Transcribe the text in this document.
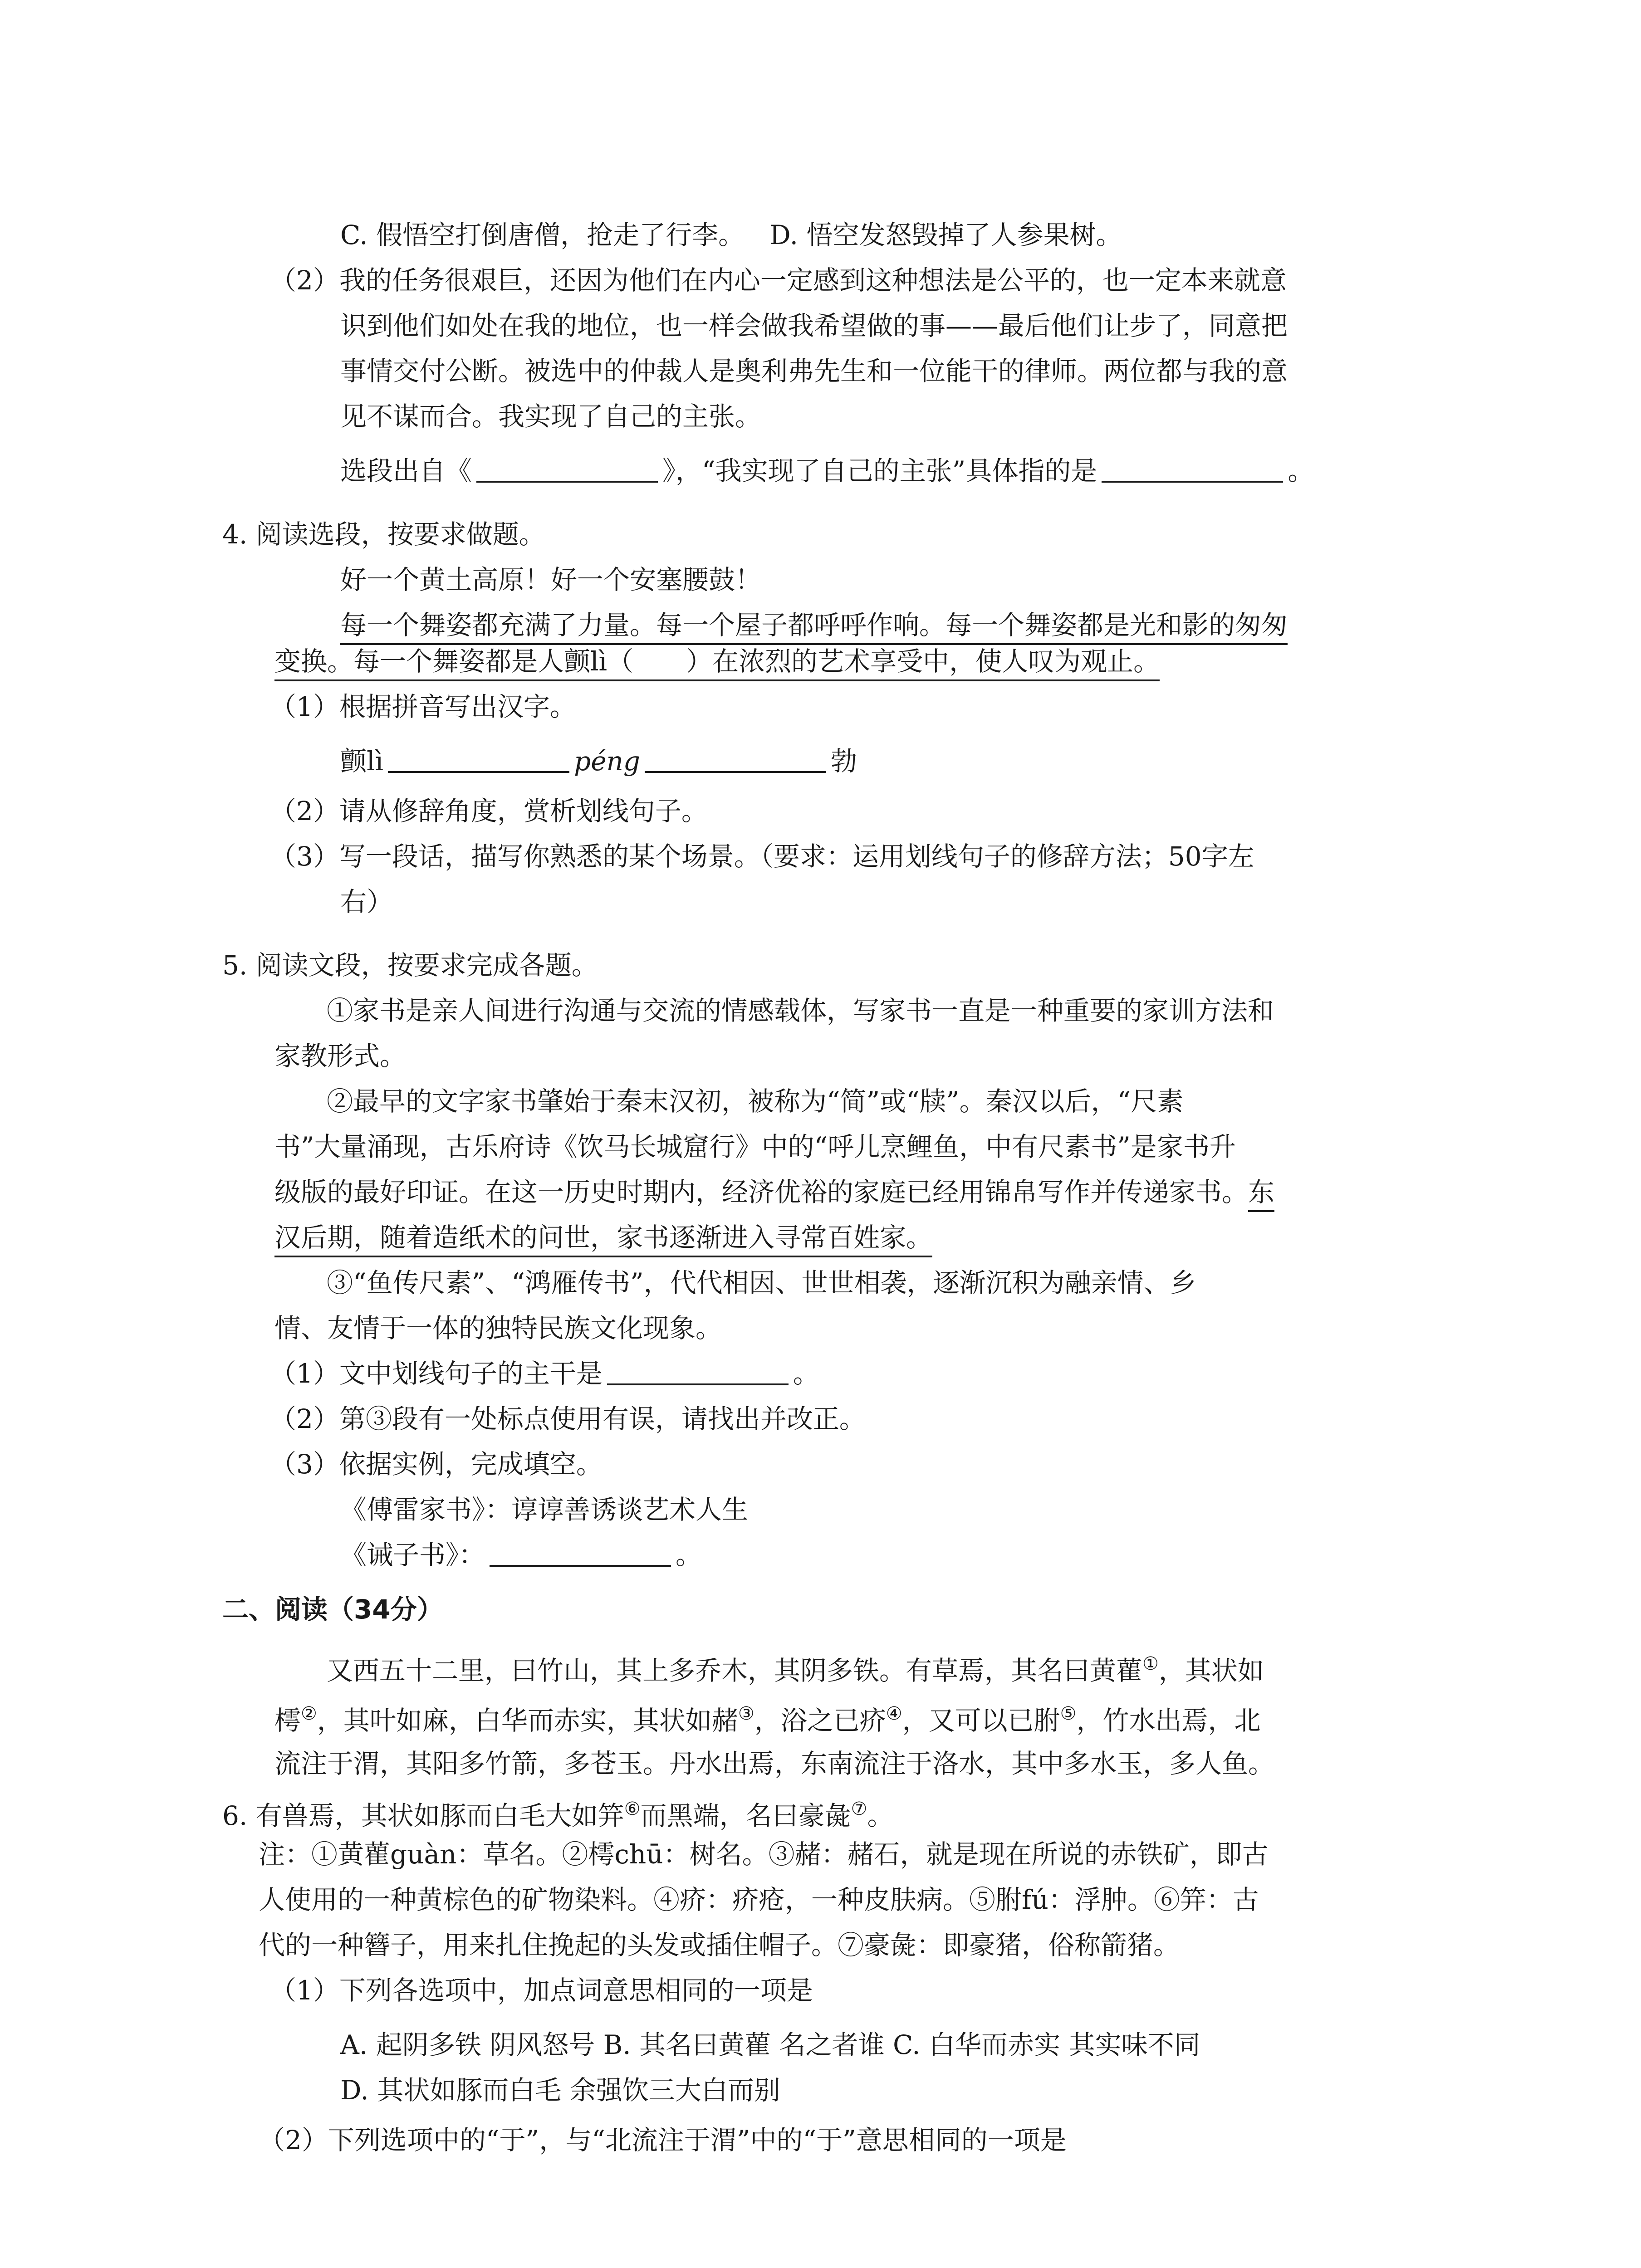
C. 假悟空打倒唐僧，抢走了行李。 D. 悟空发怒毁掉了人参果树。
（2）我的任务很艰巨，还因为他们在内心一定感到这种想法是公平的，也一定本来就意
识到他们如处在我的地位，也一样会做我希望做的事——最后他们让步了，同意把
事情交付公断。被选中的仲裁人是奥利弗先生和一位能干的律师。两位都与我的意
见不谋而合。我实现了自己的主张。
选段出自《	》，“我实现了自己的主张”具体指的是	。
4. 阅读选段，按要求做题。
好一个黄土高原！好一个安塞腰鼓！
每一个舞姿都充满了力量。每一个屋子都呼呼作响。每一个舞姿都是光和影的匆匆
变换。每一个舞姿都是人颤lì（　　）在浓烈的艺术享受中，使人叹为观止。
（1）根据拼音写出汉字。
颤lì	péng	勃
（2）请从修辞角度，赏析划线句子。
（3）写一段话，描写你熟悉的某个场景。（要求：运用划线句子的修辞方法；50字左
右）
5. 阅读文段，按要求完成各题。
①家书是亲人间进行沟通与交流的情感载体，写家书一直是一种重要的家训方法和
家教形式。
②最早的文字家书肇始于秦末汉初，被称为“简”或“牍”。秦汉以后，“尺素
书”大量涌现，古乐府诗《饮马长城窟行》中的“呼儿烹鲤鱼，中有尺素书”是家书升
级版的最好印证。在这一历史时期内，经济优裕的家庭已经用锦帛写作并传递家书。东
汉后期，随着造纸术的问世，家书逐渐进入寻常百姓家。
③“鱼传尺素”、“鸿雁传书”，代代相因、世世相袭，逐渐沉积为融亲情、乡
情、友情于一体的独特民族文化现象。
（1）文中划线句子的主干是	。
（2）第③段有一处标点使用有误，请找出并改正。
（3）依据实例，完成填空。
《傅雷家书》：谆谆善诱谈艺术人生
《诫子书》：	。
二、阅读（34分）
又西五十二里，曰竹山，其上多乔木，其阴多铁。有草焉，其名曰黄雚①，其状如
樗②，其叶如麻，白华而赤实，其状如赭③，浴之已疥④，又可以已胕⑤，竹水出焉，北
流注于渭，其阳多竹箭，多苍玉。丹水出焉，东南流注于洛水，其中多水玉，多人鱼。
6. 有兽焉，其状如豚而白毛大如笄⑥而黑端，名曰豪彘⑦。
注：①黄雚guàn：草名。②樗chū：树名。③赭：赭石，就是现在所说的赤铁矿，即古
人使用的一种黄棕色的矿物染料。④疥：疥疮，一种皮肤病。⑤胕fú：浮肿。⑥笄：古
代的一种簪子，用来扎住挽起的头发或插住帽子。⑦豪彘：即豪猪，俗称箭猪。
（1）下列各选项中，加点词意思相同的一项是
A. 起阴多铁 阴风怒号 B. 其名曰黄雚 名之者谁 C. 白华而赤实 其实味不同
D. 其状如豚而白毛 余强饮三大白而别
（2）下列选项中的“于”，与“北流注于渭”中的“于”意思相同的一项是
